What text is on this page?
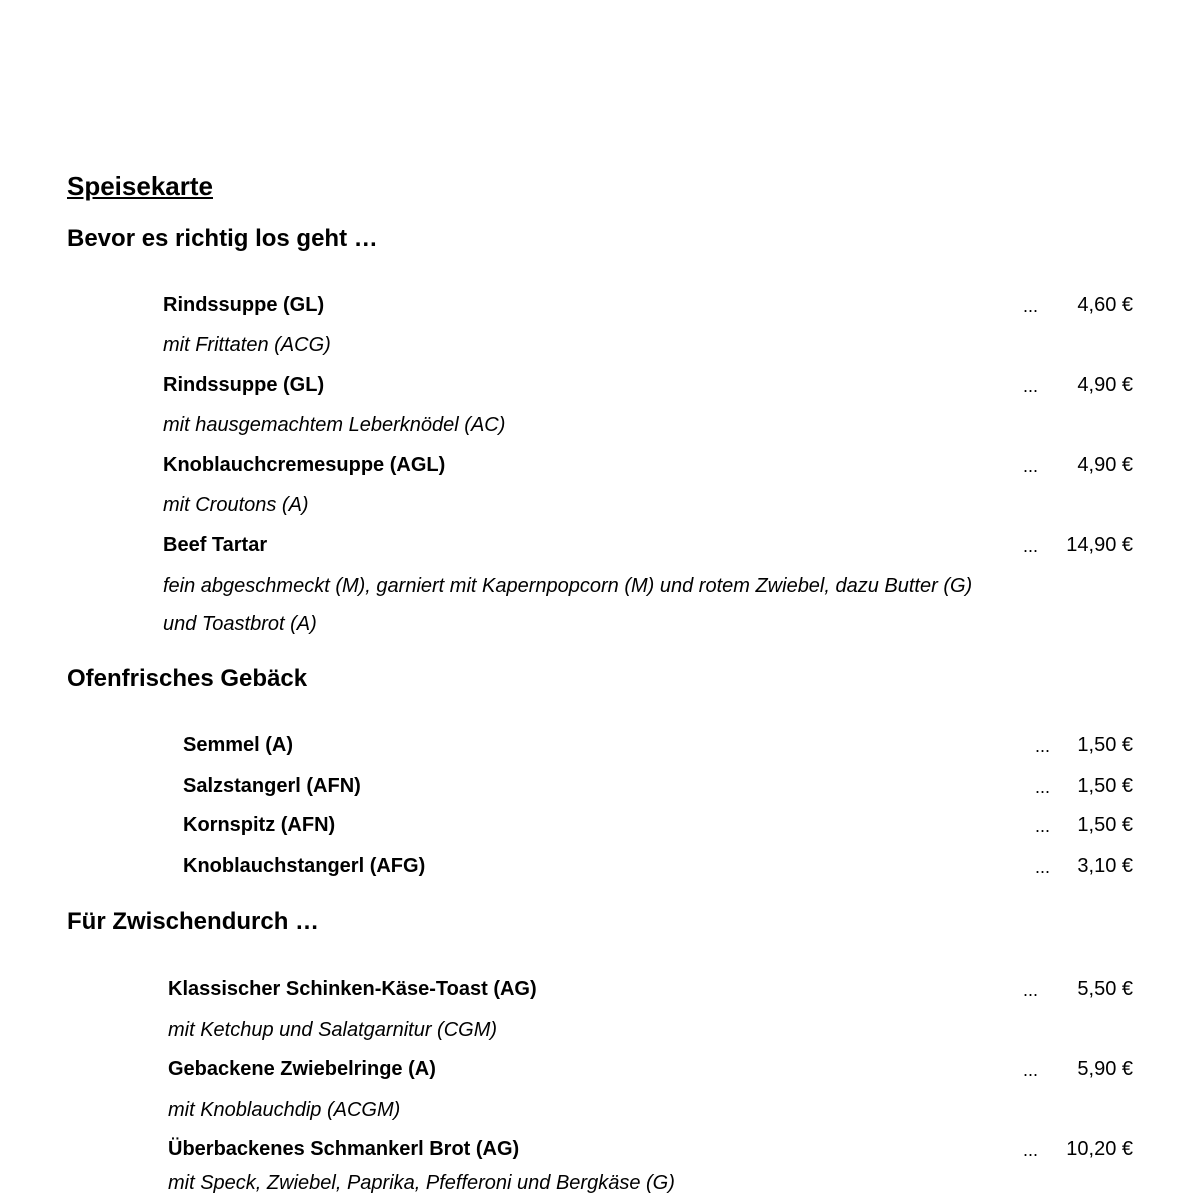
Speisekarte
Bevor es richtig los geht …
Rindssuppe (GL)	... 4,60 €
mit Frittaten (ACG)
Rindssuppe (GL)	... 4,90 €
mit hausgemachtem Leberknödel (AC)
Knoblauchcremesuppe (AGL)	... 4,90 €
mit Croutons (A)
Beef Tartar	... 14,90 €
fein abgeschmeckt (M), garniert mit Kapernpopcorn (M) und rotem Zwiebel, dazu Butter (G) und Toastbrot (A)
Ofenfrisches Gebäck
Semmel (A)	... 1,50 €
Salzstangerl (AFN)	... 1,50 €
Kornspitz (AFN)	... 1,50 €
Knoblauchstangerl (AFG)	... 3,10 €
Für Zwischendurch …
Klassischer Schinken-Käse-Toast (AG)	... 5,50 €
mit Ketchup und Salatgarnitur (CGM)
Gebackene Zwiebelringe (A)	... 5,90 €
mit Knoblauchdip (ACGM)
Überbackenes Schmankerl Brot (AG)	... 10,20 €
mit Speck, Zwiebel, Paprika, Pfefferoni und Bergkäse (G)
